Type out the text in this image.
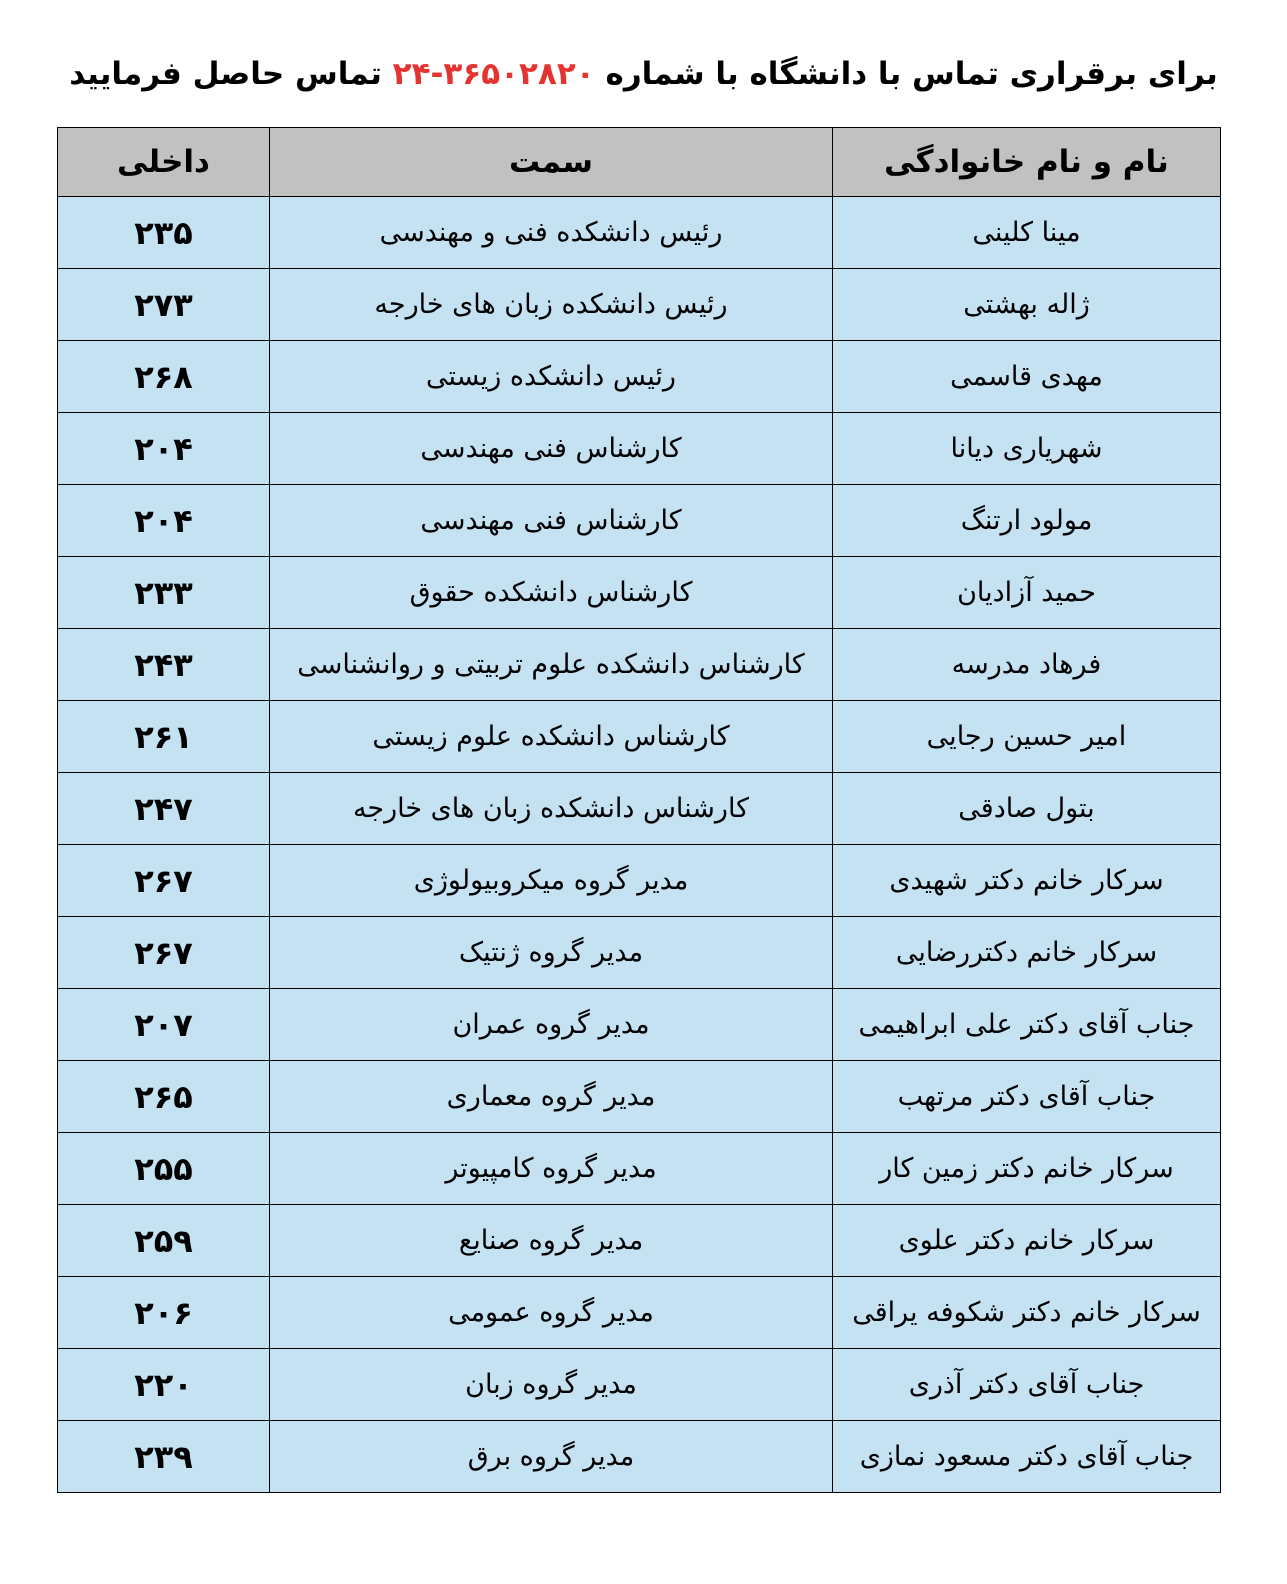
برای برقراری تماس با دانشگاه با شماره ۲۴-۳۶۵۰۲۸۲۰ تماس حاصل فرمایید
نام و نام خانوادگی	سمت	داخلی
مینا کلینی	رئیس دانشکده فنی و مهندسی	۲۳۵
ژاله بهشتی	رئیس دانشکده زبان های خارجه	۲۷۳
مهدی قاسمی	رئیس دانشکده زیستی	۲۶۸
شهریاری دیانا	کارشناس فنی مهندسی	۲۰۴
مولود ارتنگ	کارشناس فنی مهندسی	۲۰۴
حمید آزادیان	کارشناس دانشکده حقوق	۲۳۳
فرهاد مدرسه	کارشناس دانشکده علوم تربیتی و روانشناسی	۲۴۳
امیر حسین رجایی	کارشناس دانشکده علوم زیستی	۲۶۱
بتول صادقی	کارشناس دانشکده زبان های خارجه	۲۴۷
سرکار خانم دکتر شهیدی	مدیر گروه میکروبیولوژی	۲۶۷
سرکار خانم دکتررضایی	مدیر گروه ژنتیک	۲۶۷
جناب آقای دکتر علی ابراهیمی	مدیر گروه عمران	۲۰۷
جناب آقای دکتر مرتهب	مدیر گروه معماری	۲۶۵
سرکار خانم دکتر زمین کار	مدیر گروه کامپیوتر	۲۵۵
سرکار خانم دکتر علوی	مدیر گروه صنایع	۲۵۹
سرکار خانم دکتر شکوفه یراقی	مدیر گروه عمومی	۲۰۶
جناب آقای دکتر آذری	مدیر گروه زبان	۲۲۰
جناب آقای دکتر مسعود نمازی	مدیر گروه برق	۲۳۹
